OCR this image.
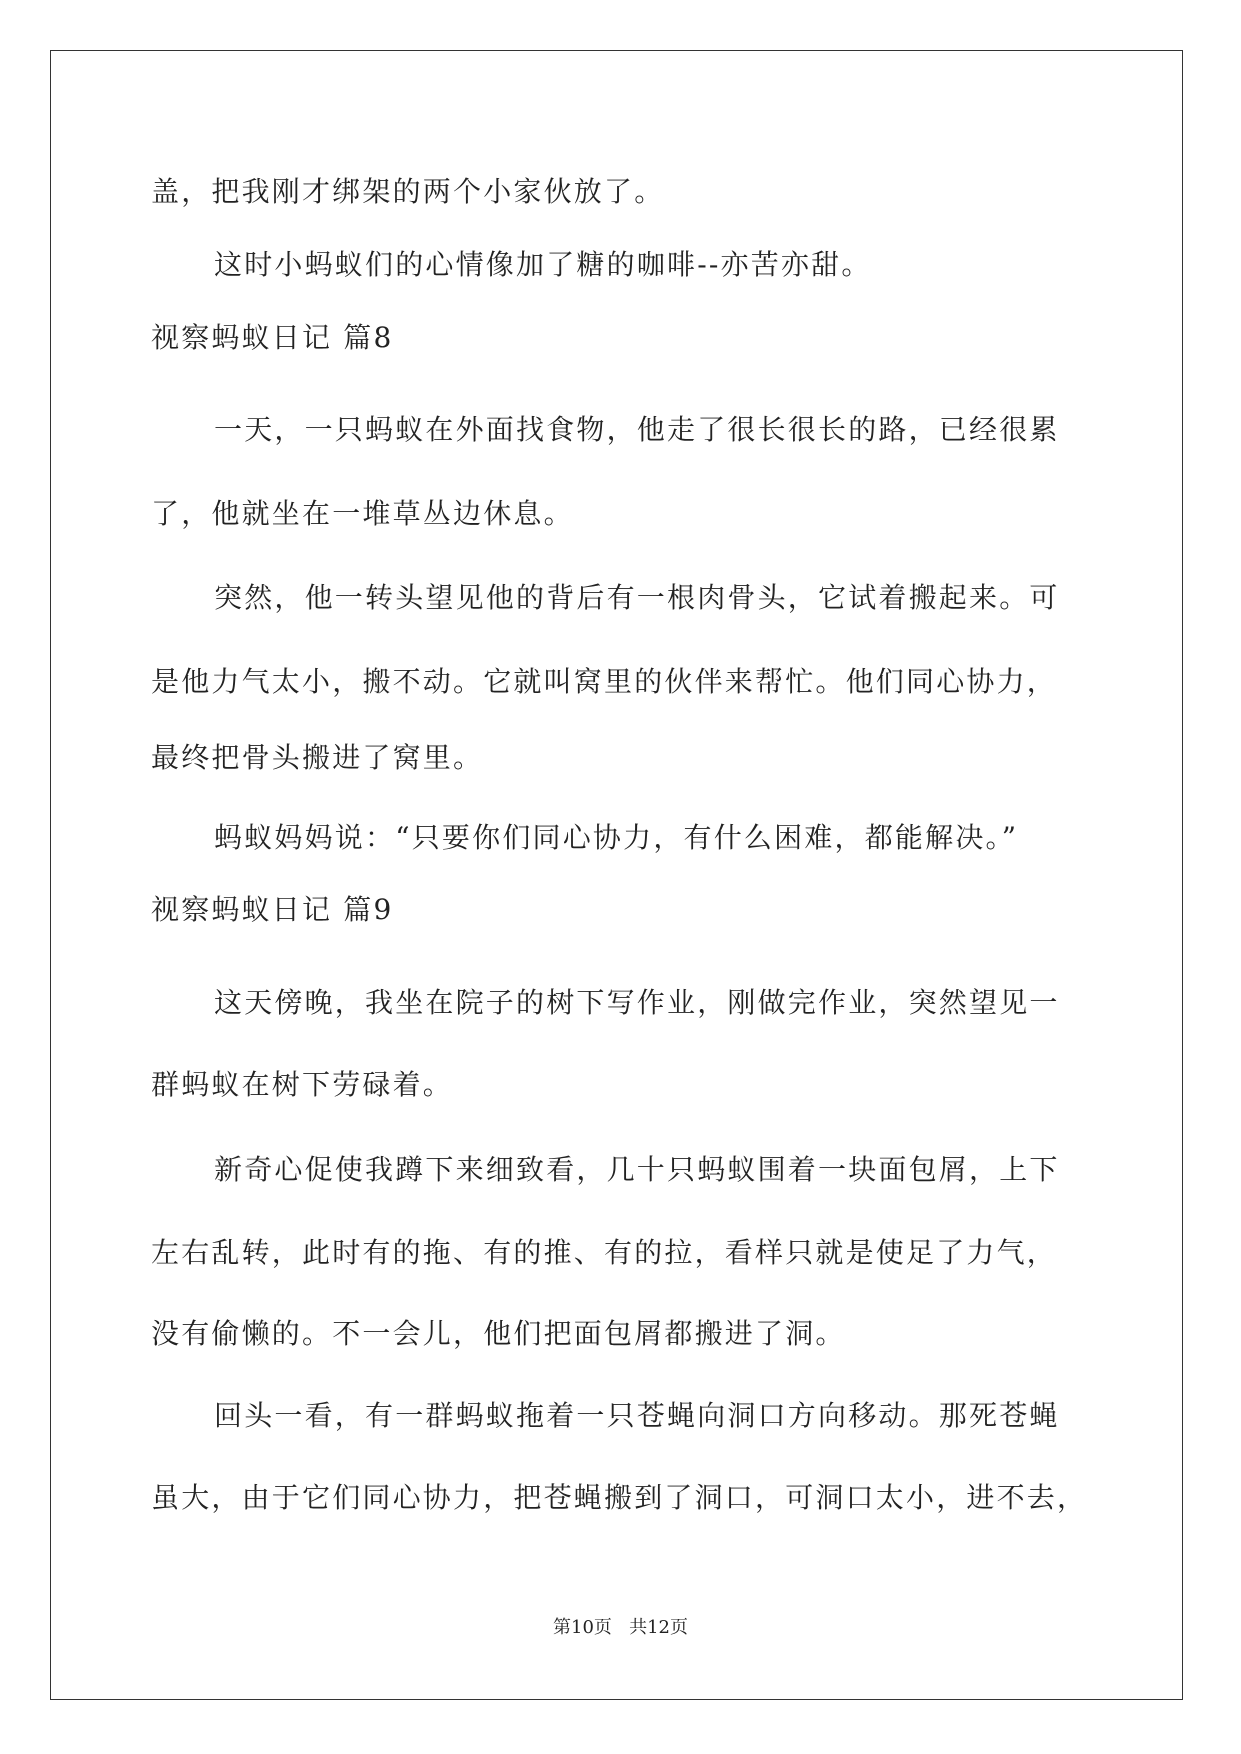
盖，把我刚才绑架的两个小家伙放了。
这时小蚂蚁们的心情像加了糖的咖啡--亦苦亦甜。
视察蚂蚁日记 篇8
一天，一只蚂蚁在外面找食物，他走了很长很长的路，已经很累
了，他就坐在一堆草丛边休息。
突然，他一转头望见他的背后有一根肉骨头，它试着搬起来。可
是他力气太小，搬不动。它就叫窝里的伙伴来帮忙。他们同心协力，
最终把骨头搬进了窝里。
蚂蚁妈妈说：“只要你们同心协力，有什么困难，都能解决。”
视察蚂蚁日记 篇9
这天傍晚，我坐在院子的树下写作业，刚做完作业，突然望见一
群蚂蚁在树下劳碌着。
新奇心促使我蹲下来细致看，几十只蚂蚁围着一块面包屑，上下
左右乱转，此时有的拖、有的推、有的拉，看样只就是使足了力气，
没有偷懒的。不一会儿，他们把面包屑都搬进了洞。
回头一看，有一群蚂蚁拖着一只苍蝇向洞口方向移动。那死苍蝇
虽大，由于它们同心协力，把苍蝇搬到了洞口，可洞口太小，进不去，
第10页 共12页
